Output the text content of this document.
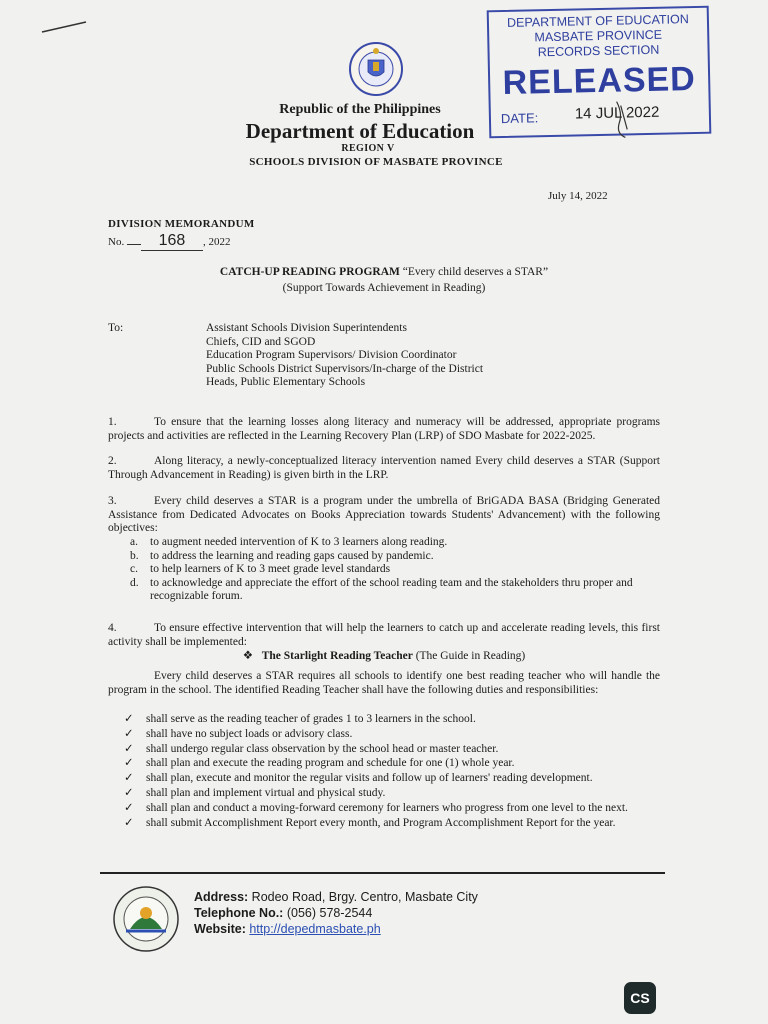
Republic of the Philippines
Department of Education
REGION V
SCHOOLS DIVISION OF MASBATE PROVINCE
DEPARTMENT OF EDUCATION
MASBATE PROVINCE
RECORDS SECTION
RELEASED
DATE: 14 JUL 2022
July 14, 2022
DIVISION MEMORANDUM
No. 168 , 2022
CATCH-UP READING PROGRAM “Every child deserves a STAR”
(Support Towards Achievement in Reading)
To:	Assistant Schools Division Superintendents
Chiefs, CID and SGOD
Education Program Supervisors/ Division Coordinator
Public Schools District Supervisors/In-charge of the District
Heads, Public Elementary Schools
1.	To ensure that the learning losses along literacy and numeracy will be addressed, appropriate programs projects and activities are reflected in the Learning Recovery Plan (LRP) of SDO Masbate for 2022-2025.
2.	Along literacy, a newly-conceptualized literacy intervention named Every child deserves a STAR (Support Through Advancement in Reading) is given birth in the LRP.
3.	Every child deserves a STAR is a program under the umbrella of BriGADA BASA (Bridging Generated Assistance from Dedicated Advocates on Books Appreciation towards Students' Advancement) with the following objectives:
a.	to augment needed intervention of K to 3 learners along reading.
b. to address the learning and reading gaps caused by pandemic.
c.	to help learners of K to 3 meet grade level standards
d. to acknowledge and appreciate the effort of the school reading team and the stakeholders thru proper and recognizable forum.
4.	To ensure effective intervention that will help the learners to catch up and accelerate reading levels, this first activity shall be implemented:
❖ The Starlight Reading Teacher (The Guide in Reading)
Every child deserves a STAR requires all schools to identify one best reading teacher who will handle the program in the school. The identified Reading Teacher shall have the following duties and responsibilities:
✓	shall serve as the reading teacher of grades 1 to 3 learners in the school.
✓	shall have no subject loads or advisory class.
✓	shall undergo regular class observation by the school head or master teacher.
✓	shall plan and execute the reading program and schedule for one (1) whole year.
✓	shall plan, execute and monitor the regular visits and follow up of learners' reading development.
✓	shall plan and implement virtual and physical study.
✓	shall plan and conduct a moving-forward ceremony for learners who progress from one level to the next.
✓	shall submit Accomplishment Report every month, and Program Accomplishment Report for the year.
Address: Rodeo Road, Brgy. Centro, Masbate City
Telephone No.: (056) 578-2544
Website: http://depedmasbate.ph
CS
